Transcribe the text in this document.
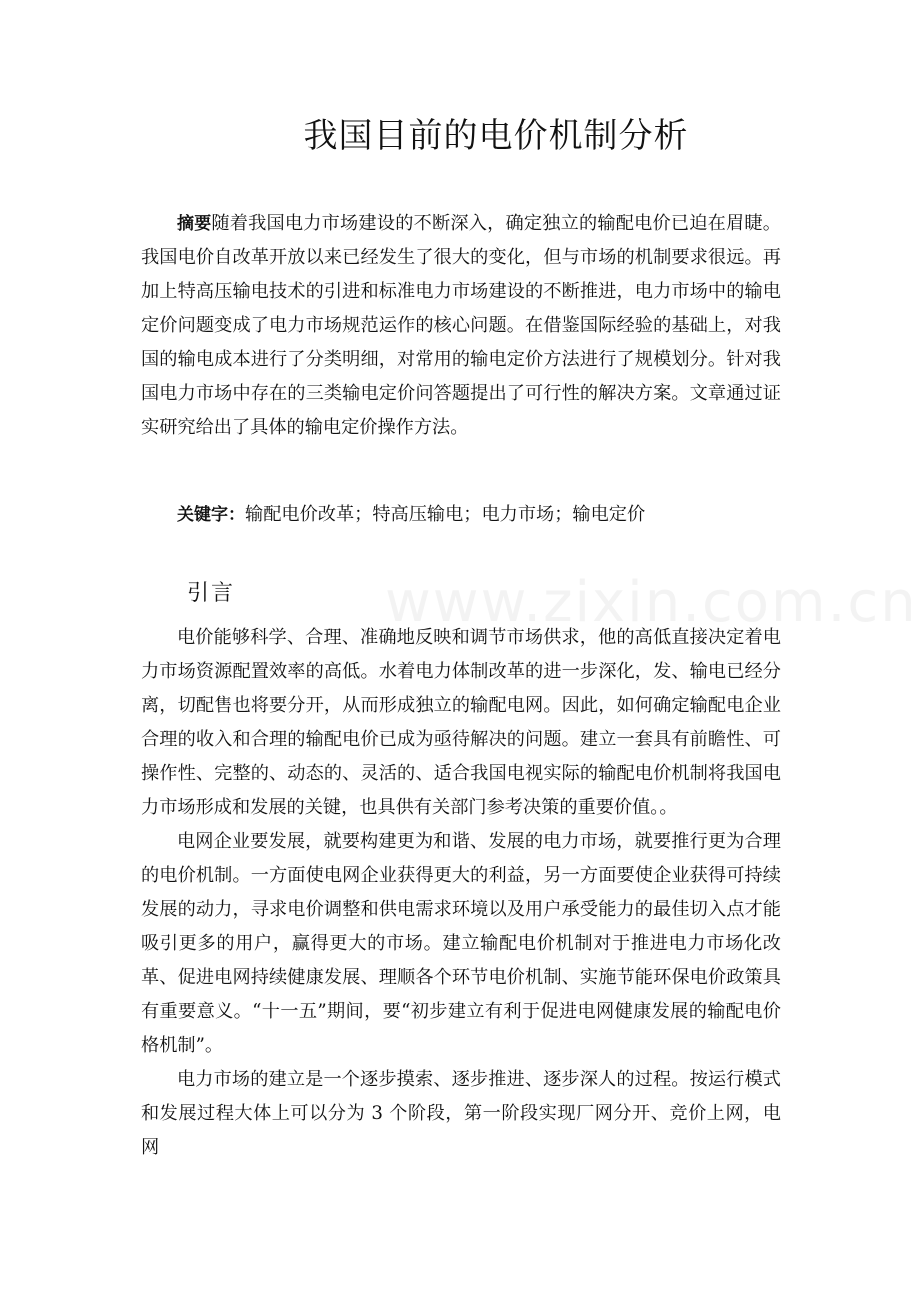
我国目前的电价机制分析
摘要随着我国电力市场建设的不断深入，确定独立的输配电价已迫在眉睫。我国电价自改革开放以来已经发生了很大的变化，但与市场的机制要求很远。再加上特高压输电技术的引进和标准电力市场建设的不断推进，电力市场中的输电定价问题变成了电力市场规范运作的核心问题。在借鉴国际经验的基础上，对我国的输电成本进行了分类明细，对常用的输电定价方法进行了规模划分。针对我国电力市场中存在的三类输电定价问答题提出了可行性的解决方案。文章通过证实研究给出了具体的输电定价操作方法。
关键字：输配电价改革；特高压输电；电力市场；输电定价
引言

电价能够科学、合理、准确地反映和调节市场供求，他的高低直接决定着电力市场资源配置效率的高低。水着电力体制改革的进一步深化，发、输电已经分离，切配售也将要分开，从而形成独立的输配电网。因此，如何确定输配电企业合理的收入和合理的输配电价已成为亟待解决的问题。建立一套具有前瞻性、可操作性、完整的、动态的、灵活的、适合我国电视实际的输配电价机制将我国电力市场形成和发展的关键，也具供有关部门参考决策的重要价值。。

电网企业要发展，就要构建更为和谐、发展的电力市场，就要推行更为合理的电价机制。一方面使电网企业获得更大的利益，另一方面要使企业获得可持续发展的动力，寻求电价调整和供电需求环境以及用户承受能力的最佳切入点才能吸引更多的用户，赢得更大的市场。建立输配电价机制对于推进电力市场化改革、促进电网持续健康发展、理顺各个环节电价机制、实施节能环保电价政策具有重要意义。“十一五”期间，要“初步建立有利于促进电网健康发展的输配电价格机制”。

电力市场的建立是一个逐步摸索、逐步推进、逐步深人的过程。按运行模式和发展过程大体上可以分为 3 个阶段，第一阶段实现厂网分开、竞价上网，电网

www.zixin.com.cn
